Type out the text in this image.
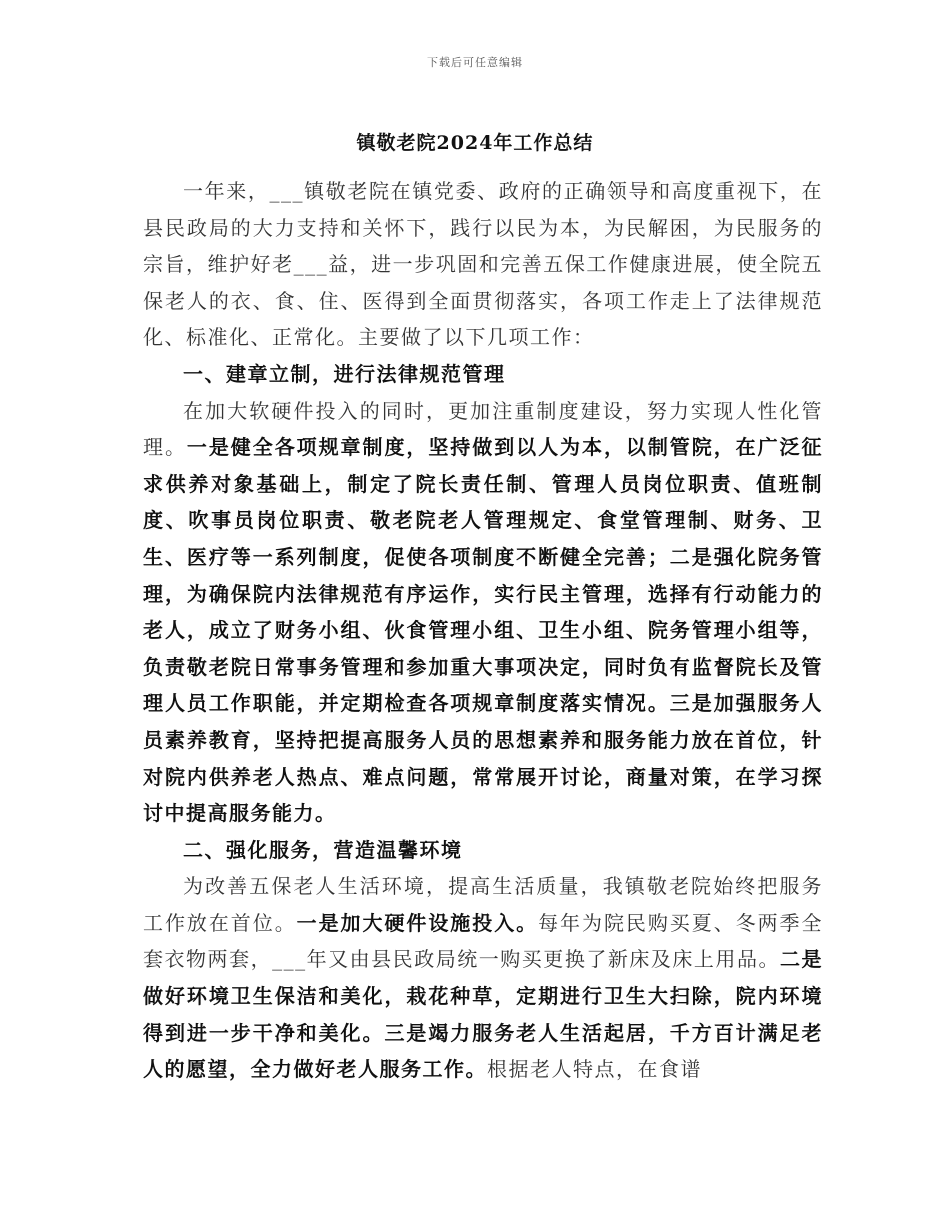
下载后可任意编辑
镇敬老院2024年工作总结

一年来，___镇敬老院在镇党委、政府的正确领导和高度重视下，在县民政局的大力支持和关怀下，践行以民为本，为民解困，为民服务的宗旨，维护好老___益，进一步巩固和完善五保工作健康进展，使全院五保老人的衣、食、住、医得到全面贯彻落实，各项工作走上了法律规范化、标准化、正常化。主要做了以下几项工作：

一、建章立制，进行法律规范管理

在加大软硬件投入的同时，更加注重制度建设，努力实现人性化管理。一是健全各项规章制度，坚持做到以人为本，以制管院，在广泛征求供养对象基础上，制定了院长责任制、管理人员岗位职责、值班制度、吹事员岗位职责、敬老院老人管理规定、食堂管理制、财务、卫生、医疗等一系列制度，促使各项制度不断健全完善；二是强化院务管理，为确保院内法律规范有序运作，实行民主管理，选择有行动能力的老人，成立了财务小组、伙食管理小组、卫生小组、院务管理小组等，负责敬老院日常事务管理和参加重大事项决定，同时负有监督院长及管理人员工作职能，并定期检查各项规章制度落实情况。三是加强服务人员素养教育，坚持把提高服务人员的思想素养和服务能力放在首位，针对院内供养老人热点、难点问题，常常展开讨论，商量对策，在学习探讨中提高服务能力。

二、强化服务，营造温馨环境

为改善五保老人生活环境，提高生活质量，我镇敬老院始终把服务工作放在首位。一是加大硬件设施投入。每年为院民购买夏、冬两季全套衣物两套，___年又由县民政局统一购买更换了新床及床上用品。二是做好环境卫生保洁和美化，栽花种草，定期进行卫生大扫除，院内环境得到进一步干净和美化。三是竭力服务老人生活起居，千方百计满足老人的愿望，全力做好老人服务工作。根据老人特点，在食谱
